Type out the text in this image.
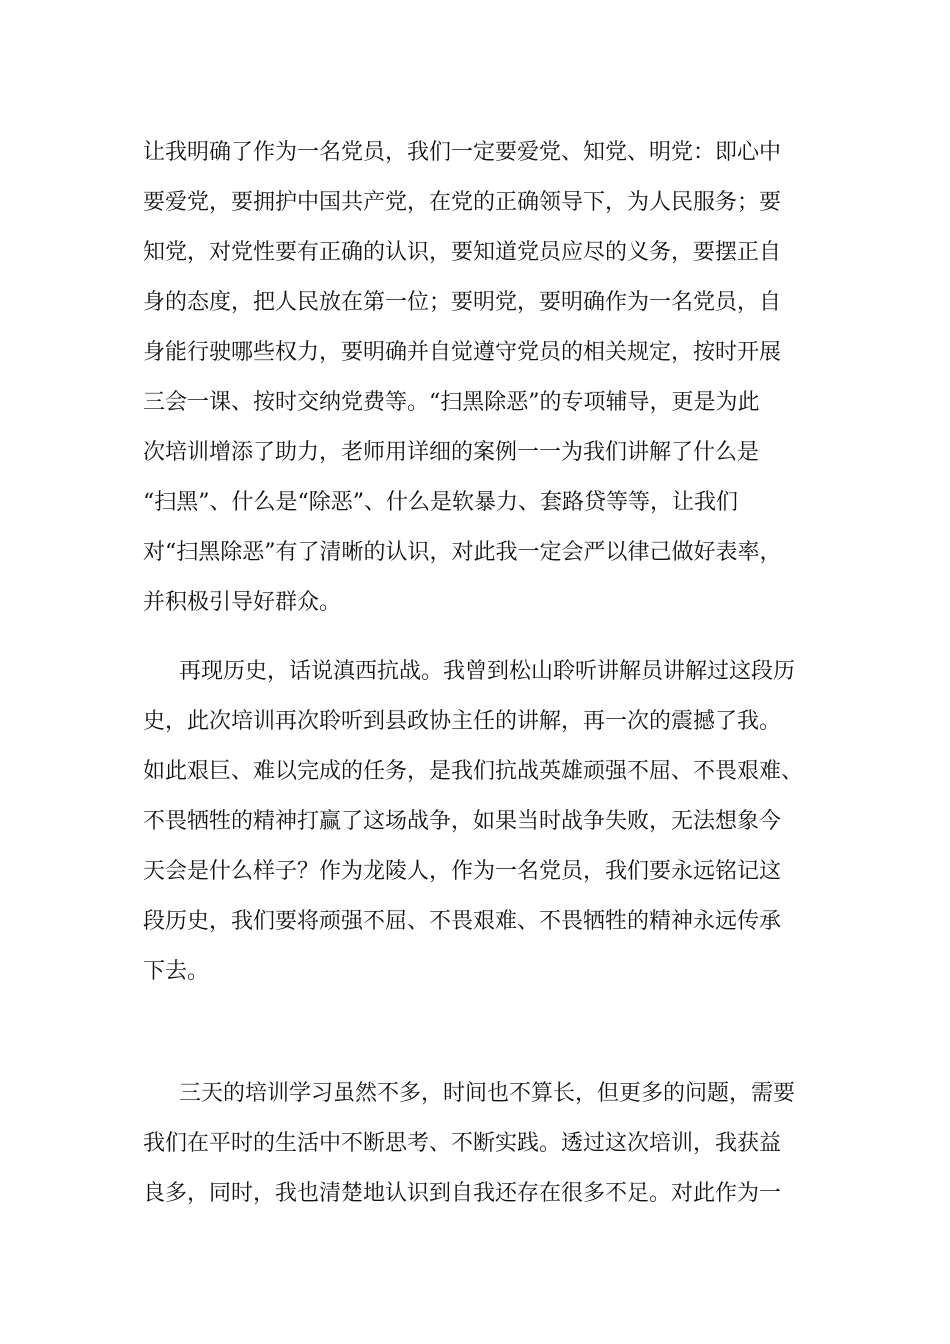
让我明确了作为一名党员，我们一定要爱党、知党、明党：即心中
要爱党，要拥护中国共产党，在党的正确领导下，为人民服务；要
知党，对党性要有正确的认识，要知道党员应尽的义务，要摆正自
身的态度，把人民放在第一位；要明党，要明确作为一名党员，自
身能行驶哪些权力，要明确并自觉遵守党员的相关规定，按时开展
三会一课、按时交纳党费等。“扫黑除恶”的专项辅导，更是为此
次培训增添了助力，老师用详细的案例一一为我们讲解了什么是
“扫黑”、什么是“除恶”、什么是软暴力、套路贷等等，让我们
对“扫黑除恶”有了清晰的认识，对此我一定会严以律己做好表率，
并积极引导好群众。
再现历史，话说滇西抗战。我曾到松山聆听讲解员讲解过这段历
史，此次培训再次聆听到县政协主任的讲解，再一次的震撼了我。
如此艰巨、难以完成的任务，是我们抗战英雄顽强不屈、不畏艰难、
不畏牺牲的精神打赢了这场战争，如果当时战争失败，无法想象今
天会是什么样子？作为龙陵人，作为一名党员，我们要永远铭记这
段历史，我们要将顽强不屈、不畏艰难、不畏牺牲的精神永远传承
下去。
三天的培训学习虽然不多，时间也不算长，但更多的问题，需要
我们在平时的生活中不断思考、不断实践。透过这次培训，我获益
良多，同时，我也清楚地认识到自我还存在很多不足。对此作为一
